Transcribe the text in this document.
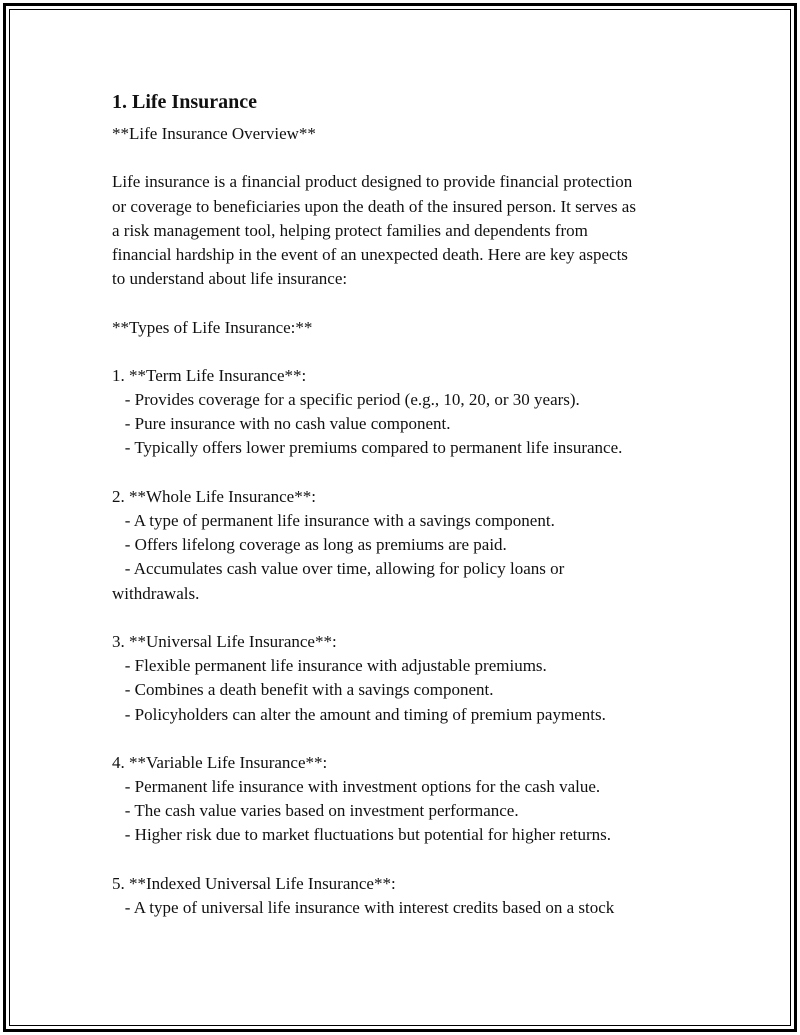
1. Life Insurance
**Life Insurance Overview**
Life insurance is a financial product designed to provide financial protection
or coverage to beneficiaries upon the death of the insured person. It serves as
a risk management tool, helping protect families and dependents from
financial hardship in the event of an unexpected death. Here are key aspects
to understand about life insurance:
**Types of Life Insurance:**
1. **Term Life Insurance**:
- Provides coverage for a specific period (e.g., 10, 20, or 30 years).
- Pure insurance with no cash value component.
- Typically offers lower premiums compared to permanent life insurance.
2. **Whole Life Insurance**:
- A type of permanent life insurance with a savings component.
- Offers lifelong coverage as long as premiums are paid.
- Accumulates cash value over time, allowing for policy loans or
withdrawals.
3. **Universal Life Insurance**:
- Flexible permanent life insurance with adjustable premiums.
- Combines a death benefit with a savings component.
- Policyholders can alter the amount and timing of premium payments.
4. **Variable Life Insurance**:
- Permanent life insurance with investment options for the cash value.
- The cash value varies based on investment performance.
- Higher risk due to market fluctuations but potential for higher returns.
5. **Indexed Universal Life Insurance**:
- A type of universal life insurance with interest credits based on a stock
